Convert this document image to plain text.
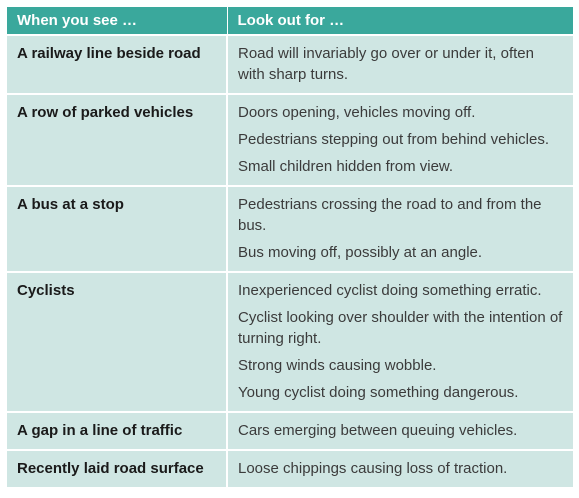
When you see …	Look out for …
A railway line beside road	Road will invariably go over or under it, often with sharp turns.

A row of parked vehicles	Doors opening, vehicles moving off.
Pedestrians stepping out from behind vehicles.
Small children hidden from view.

A bus at a stop	Pedestrians crossing the road to and from the bus.
Bus moving off, possibly at an angle.

Cyclists	Inexperienced cyclist doing something erratic.
Cyclist looking over shoulder with the intention of turning right.
Strong winds causing wobble.
Young cyclist doing something dangerous.

A gap in a line of traffic	Cars emerging between queuing vehicles.

Recently laid road surface	Loose chippings causing loss of traction.
